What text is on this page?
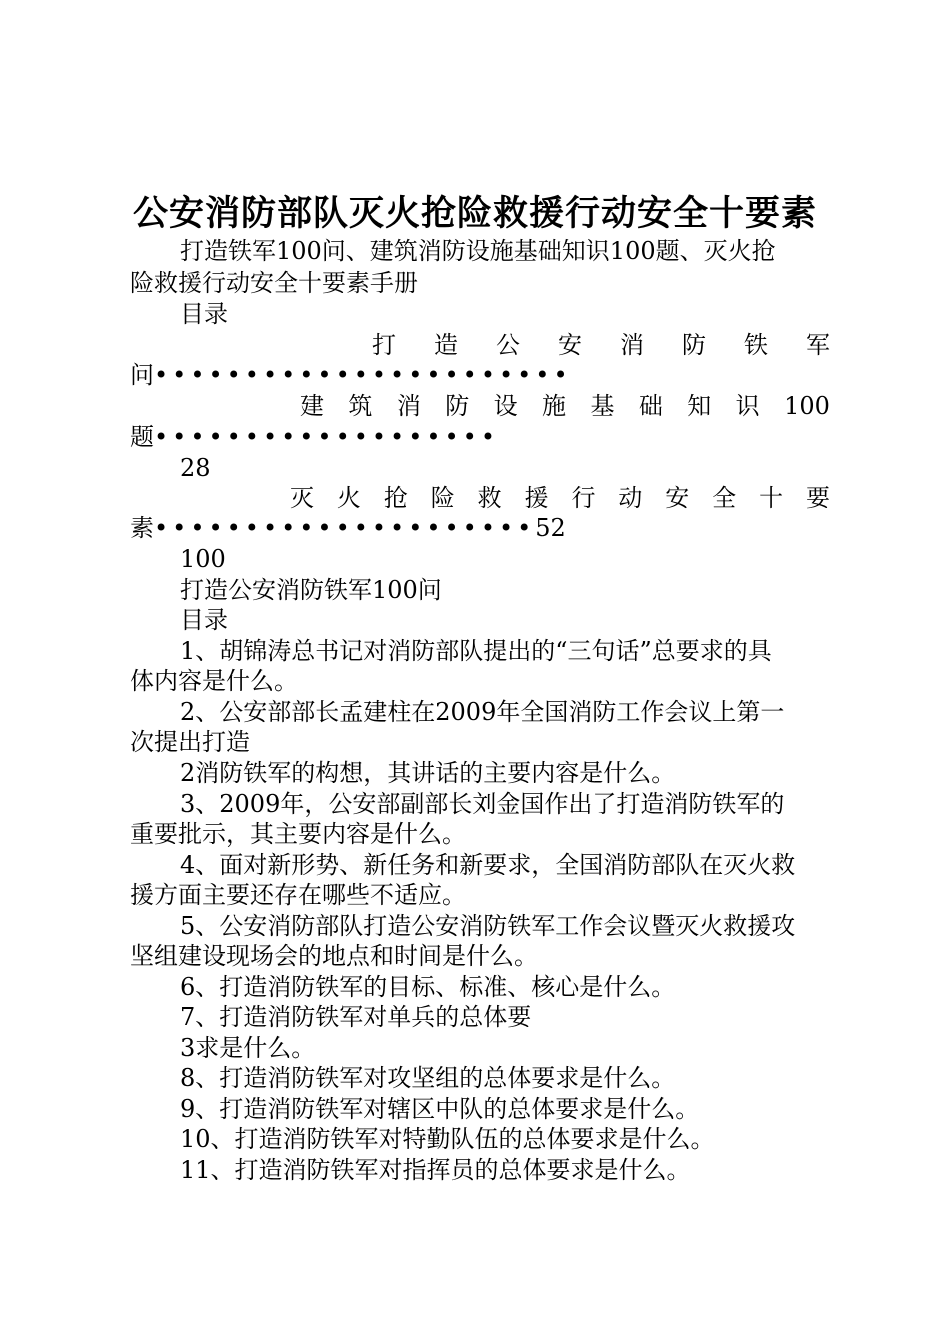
公安消防部队灭火抢险救援行动安全十要素
打造铁军100问、建筑消防设施基础知识100题、灭火抢
险救援行动安全十要素手册
目录
打 造 公 安 消 防 铁 军
问•••••••••••••••••••••••
建 筑 消 防 设 施 基 础 知 识 100
题•••••••••••••••••••
28
灭 火 抢 险 救 援 行 动 安 全 十 要
素•••••••••••••••••••••52
100
打造公安消防铁军100问
目录
1、胡锦涛总书记对消防部队提出的“三句话”总要求的具
体内容是什么。
2、公安部部长孟建柱在2009年全国消防工作会议上第一
次提出打造
2消防铁军的构想，其讲话的主要内容是什么。
3、2009年，公安部副部长刘金国作出了打造消防铁军的
重要批示，其主要内容是什么。
4、面对新形势、新任务和新要求，全国消防部队在灭火救
援方面主要还存在哪些不适应。
5、公安消防部队打造公安消防铁军工作会议暨灭火救援攻
坚组建设现场会的地点和时间是什么。
6、打造消防铁军的目标、标准、核心是什么。
7、打造消防铁军对单兵的总体要
3求是什么。
8、打造消防铁军对攻坚组的总体要求是什么。
9、打造消防铁军对辖区中队的总体要求是什么。
10、打造消防铁军对特勤队伍的总体要求是什么。
11、打造消防铁军对指挥员的总体要求是什么。
